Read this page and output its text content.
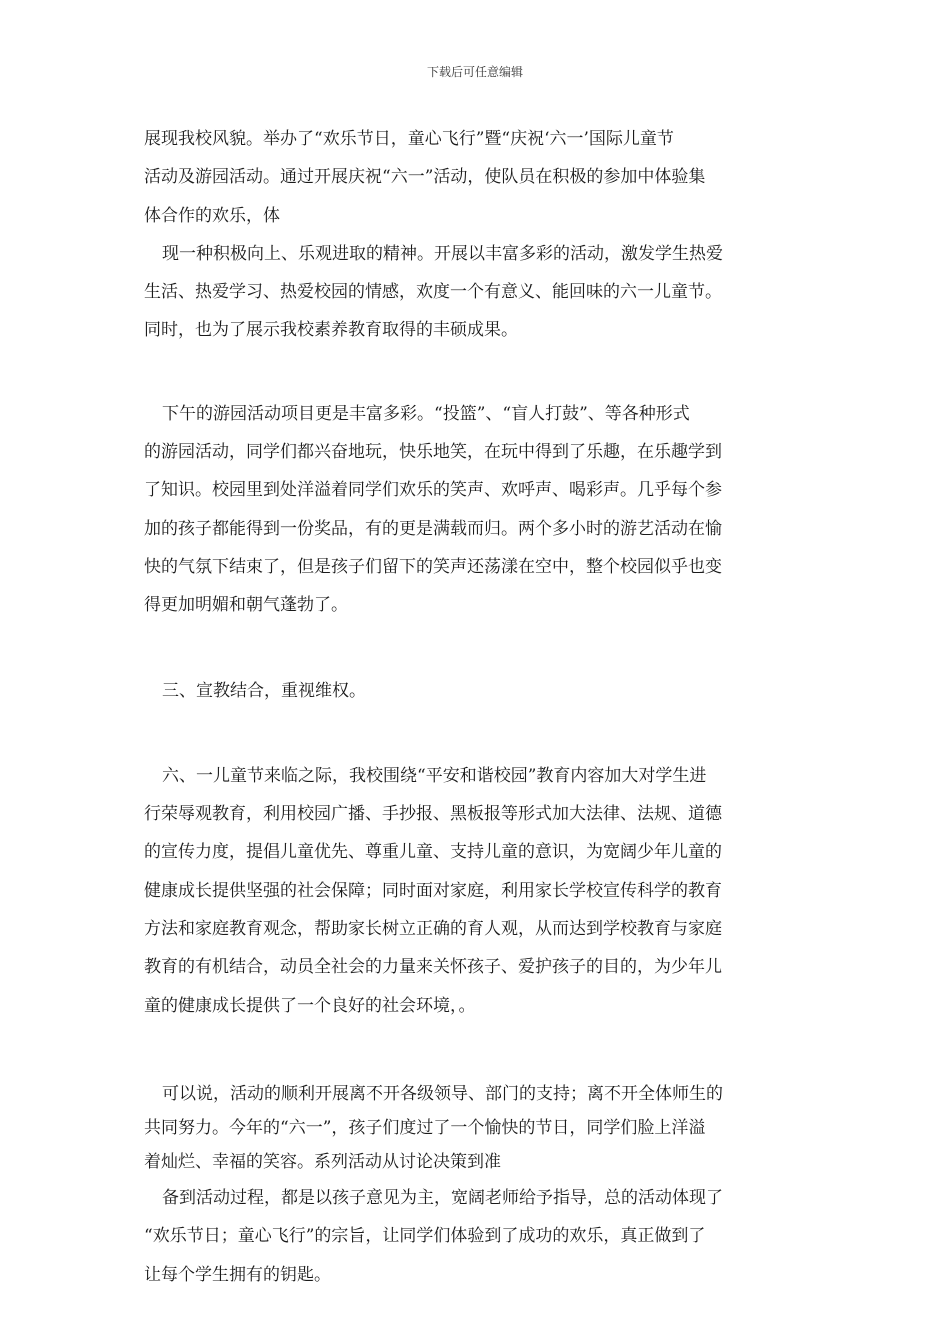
下载后可任意编辑
展现我校风貌。举办了“欢乐节日，童心飞行”暨“庆祝‘六一’国际儿童节
活动及游园活动。通过开展庆祝“六一”活动，使队员在积极的参加中体验集
体合作的欢乐，体
现一种积极向上、乐观进取的精神。开展以丰富多彩的活动，激发学生热爱
生活、热爱学习、热爱校园的情感，欢度一个有意义、能回味的六一儿童节。
同时，也为了展示我校素养教育取得的丰硕成果。
下午的游园活动项目更是丰富多彩。“投篮”、“盲人打鼓”、等各种形式
的游园活动，同学们都兴奋地玩，快乐地笑，在玩中得到了乐趣，在乐趣学到
了知识。校园里到处洋溢着同学们欢乐的笑声、欢呼声、喝彩声。几乎每个参
加的孩子都能得到一份奖品，有的更是满载而归。两个多小时的游艺活动在愉
快的气氛下结束了，但是孩子们留下的笑声还荡漾在空中，整个校园似乎也变
得更加明媚和朝气蓬勃了。
三、宣教结合，重视维权。
六、一儿童节来临之际，我校围绕“平安和谐校园”教育内容加大对学生进
行荣辱观教育，利用校园广播、手抄报、黑板报等形式加大法律、法规、道德
的宣传力度，提倡儿童优先、尊重儿童、支持儿童的意识，为宽阔少年儿童的
健康成长提供坚强的社会保障；同时面对家庭，利用家长学校宣传科学的教育
方法和家庭教育观念，帮助家长树立正确的育人观，从而达到学校教育与家庭
教育的有机结合，动员全社会的力量来关怀孩子、爱护孩子的目的，为少年儿
童的健康成长提供了一个良好的社会环境，。
可以说，活动的顺利开展离不开各级领导、部门的支持；离不开全体师生的
共同努力。今年的“六一”，孩子们度过了一个愉快的节日，同学们脸上洋溢
着灿烂、幸福的笑容。系列活动从讨论决策到准
备到活动过程，都是以孩子意见为主，宽阔老师给予指导，总的活动体现了
“欢乐节日；童心飞行”的宗旨，让同学们体验到了成功的欢乐，真正做到了
让每个学生拥有的钥匙。
